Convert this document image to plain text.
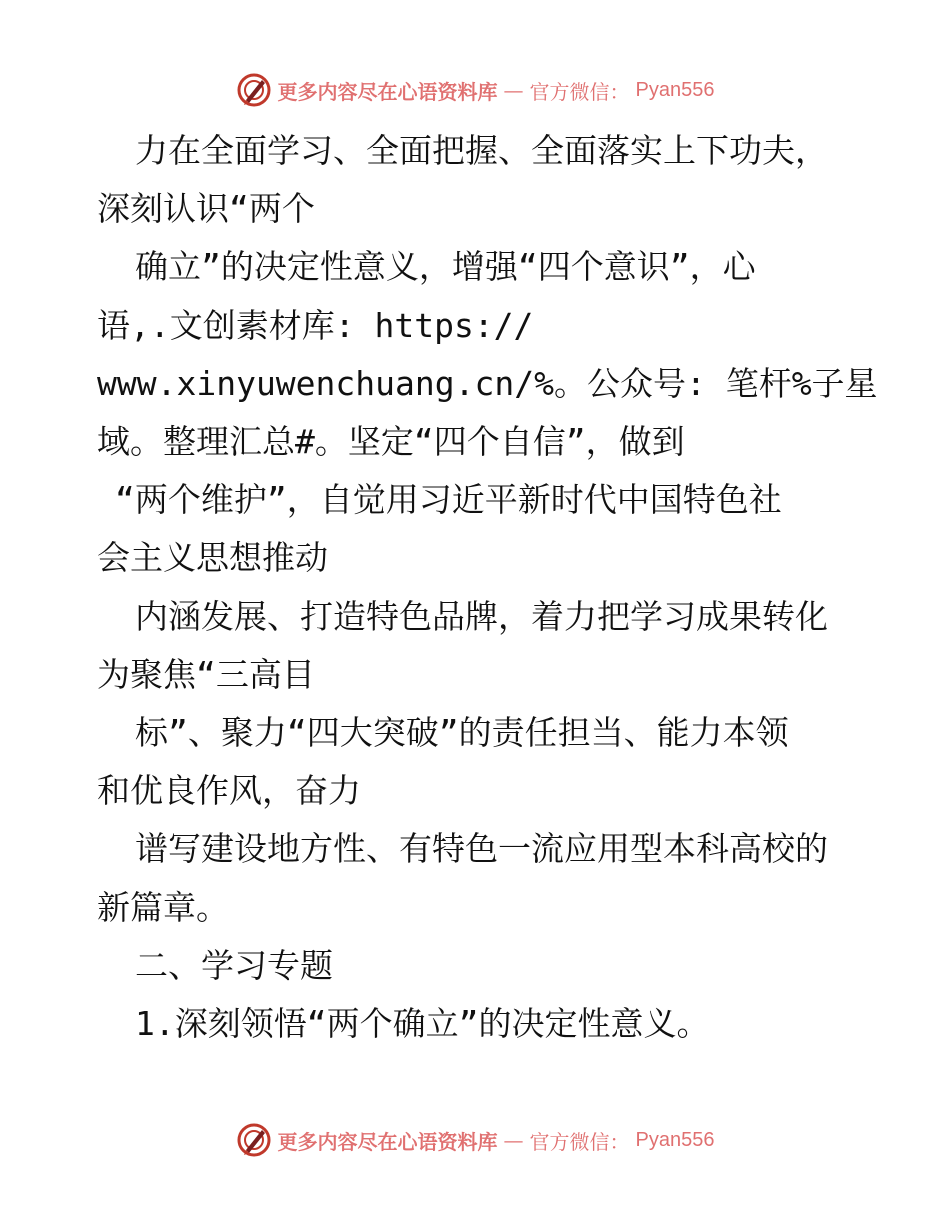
更多内容尽在心语资料库 — 官方微信： Pyan556

力在全面学习、全面把握、全面落实上下功夫，

深刻认识“两个

确立”的决定性意义，增强“四个意识”，心

语,.文创素材库: https://

www.xinyuwenchuang.cn/%。公众号: 笔杆%子星

域。整理汇总#。坚定“四个自信”，做到

“两个维护”，自觉用习近平新时代中国特色社

会主义思想推动

内涵发展、打造特色品牌，着力把学习成果转化

为聚焦“三高目

标”、聚力“四大突破”的责任担当、能力本领

和优良作风，奋力

谱写建设地方性、有特色一流应用型本科高校的

新篇章。

二、学习专题

1.深刻领悟“两个确立”的决定性意义。

更多内容尽在心语资料库 — 官方微信： Pyan556
